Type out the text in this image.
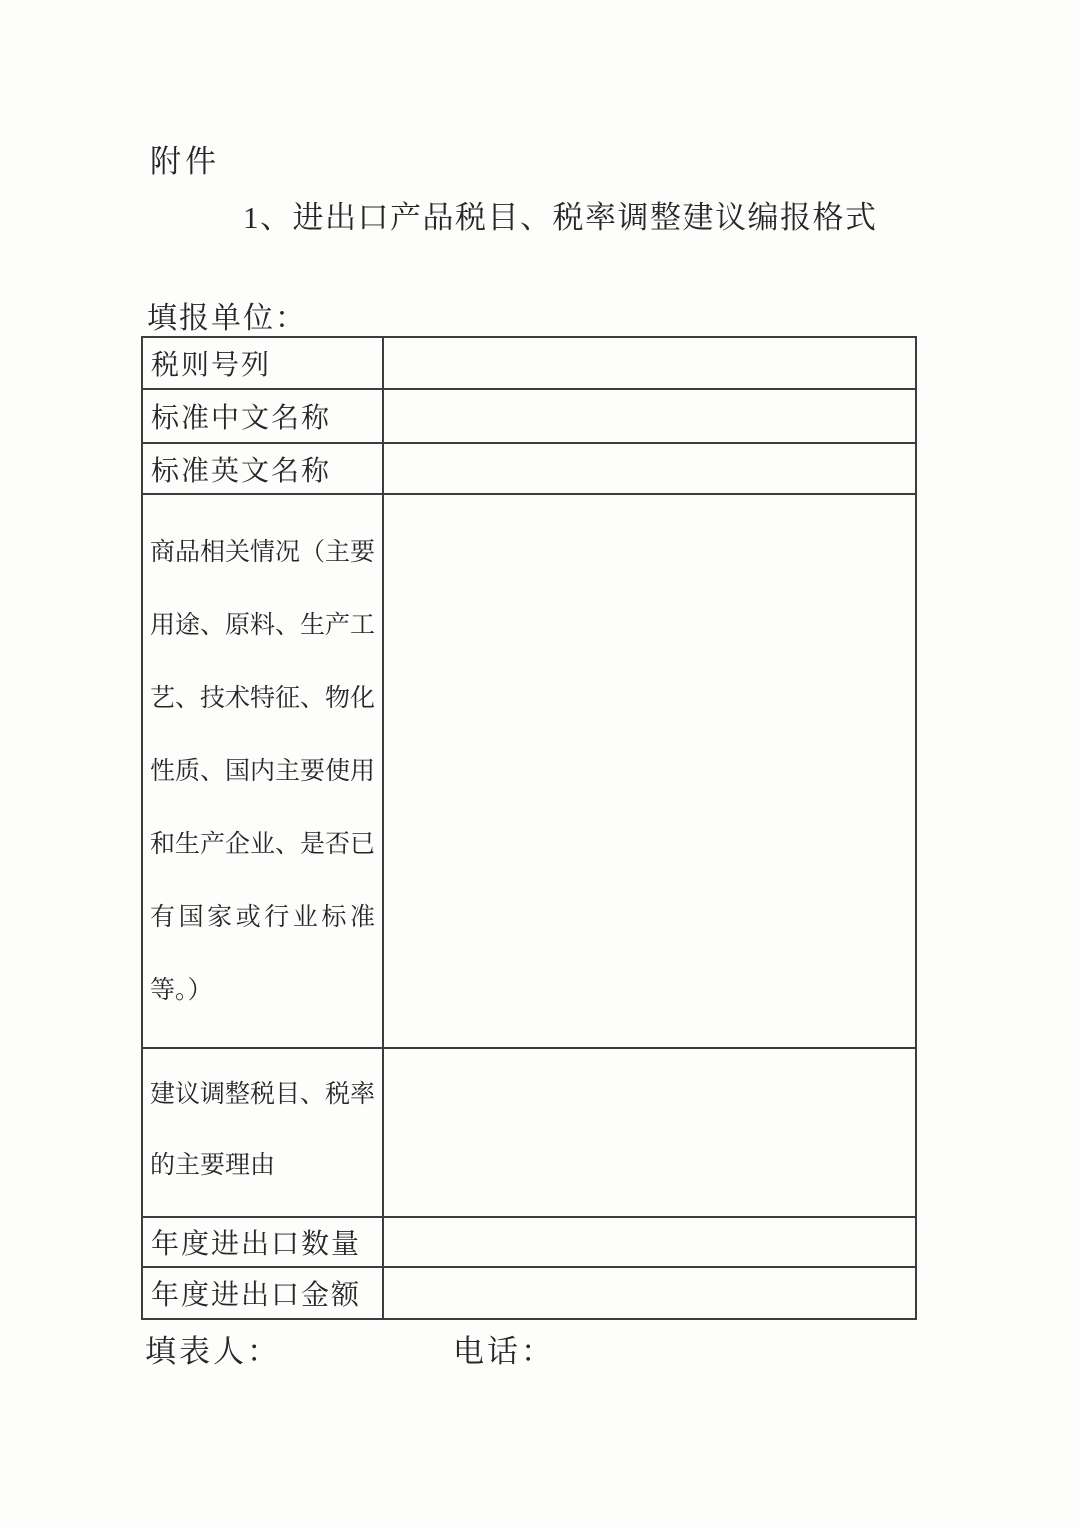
附件
1、进出口产品税目、税率调整建议编报格式
填报单位：
税则号列	
标准中文名称	
标准英文名称	
商品相关情况（主要用途、原料、生产工艺、技术特征、物化性质、国内主要使用和生产企业、是否已有国家或行业标准等。）	
建议调整税目、税率的主要理由	
年度进出口数量	
年度进出口金额	
填表人：	电话：
